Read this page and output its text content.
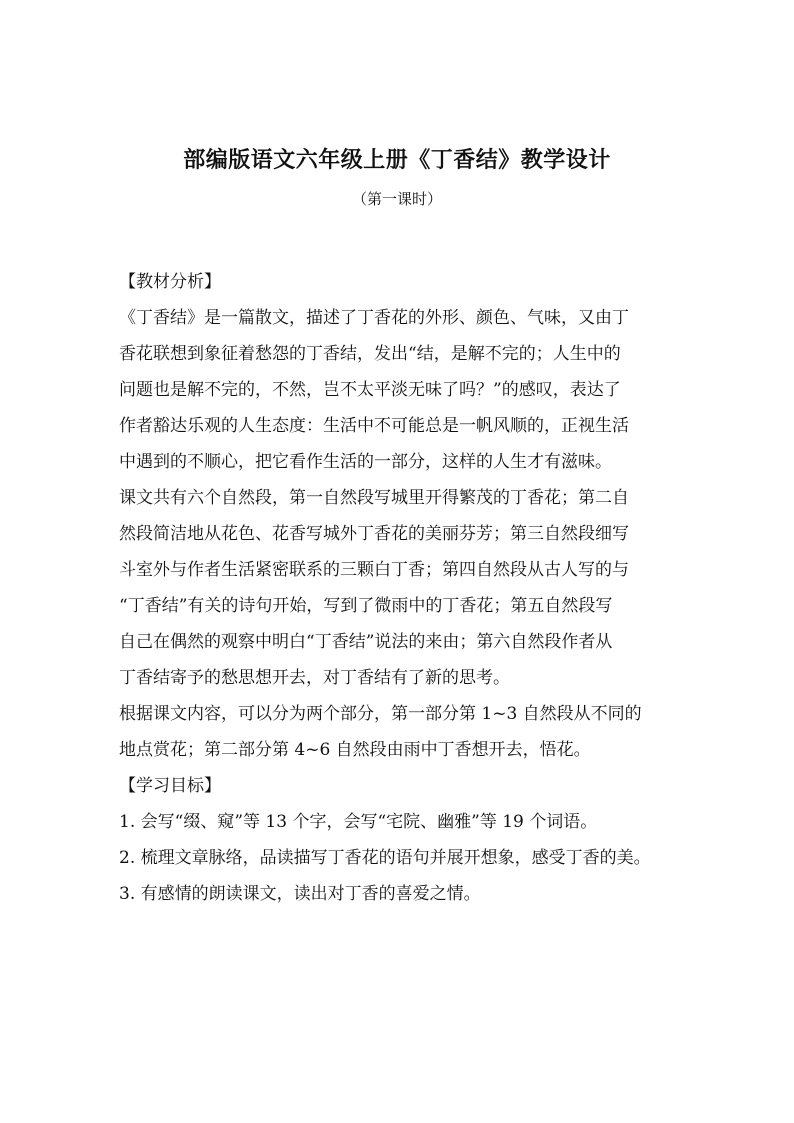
部编版语文六年级上册《丁香结》教学设计
（第一课时）
【教材分析】
《丁香结》是一篇散文，描述了丁香花的外形、颜色、气味，又由丁
香花联想到象征着愁怨的丁香结，发出“结，是解不完的；人生中的
问题也是解不完的，不然，岂不太平淡无味了吗？”的感叹，表达了
作者豁达乐观的人生态度：生活中不可能总是一帆风顺的，正视生活
中遇到的不顺心，把它看作生活的一部分，这样的人生才有滋味。
课文共有六个自然段，第一自然段写城里开得繁茂的丁香花；第二自
然段简洁地从花色、花香写城外丁香花的美丽芬芳；第三自然段细写
斗室外与作者生活紧密联系的三颗白丁香；第四自然段从古人写的与
“丁香结”有关的诗句开始，写到了微雨中的丁香花；第五自然段写
自己在偶然的观察中明白“丁香结”说法的来由；第六自然段作者从
丁香结寄予的愁思想开去，对丁香结有了新的思考。
根据课文内容，可以分为两个部分，第一部分第 1~3 自然段从不同的
地点赏花；第二部分第 4~6 自然段由雨中丁香想开去，悟花。
【学习目标】
1. 会写“缀、窥”等 13 个字，会写“宅院、幽雅”等 19 个词语。
2. 梳理文章脉络，品读描写丁香花的语句并展开想象，感受丁香的美。
3. 有感情的朗读课文，读出对丁香的喜爱之情。
